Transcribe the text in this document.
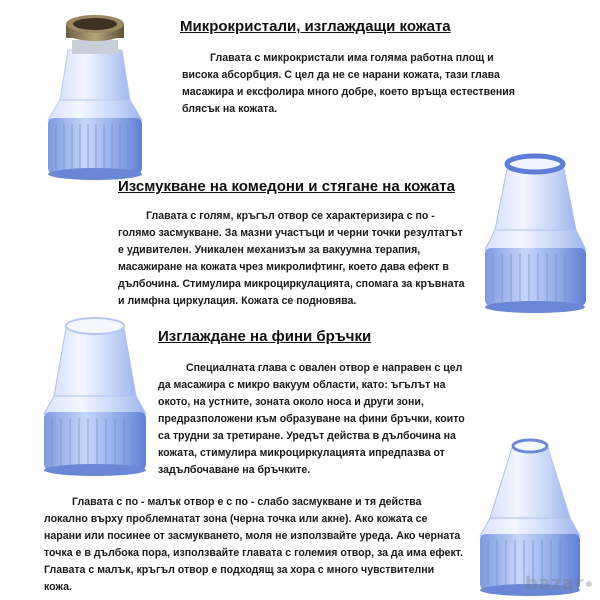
Микрокристали, изглаждащи кожата

Главата с микрокристали има голяма работна площ и висока абсорбция. С цел да не се нарани кожата, тази глава масажира и ексфолира много добре, което връща естествения блясък на кожата.

Изсмукване на комедони и стягане на кожата

Главата с голям, кръгъл отвор се характеризира с по - голямо засмукване. За мазни участъци и черни точки резултатът е удивителен. Уникален механизъм за вакуумна терапия, масажиране на кожата чрез микролифтинг, което дава ефект в дълбочина. Стимулира микроциркулацията, спомага за кръвната и лимфна циркулация. Кожата се подновява.

Изглаждане на фини бръчки

Специалната глава с овален отвор е направен с цел да масажира с микро вакуум области, като: ъгълът на окото, на устните, зоната около носа и други зони, предразположени към образуване на фини бръчки, които са трудни за третиране. Уредът действа в дълбочина на кожата, стимулира микроциркулацията ипредпазва от задълбочаване на бръчките.

Главата с по - малък отвор е с по - слабо засмукване и тя действа локално върху проблемнатат зона (черна точка или акне). Ако кожата се нарани или посинее от засмукването, моля не използвайте уреда. Ако черната точка е в дълбока пора, използвайте главата с големия отвор, за да има ефект. Главата с малък, кръгъл отвор е подходящ за хора с много чувствителни кожа.	bazar
